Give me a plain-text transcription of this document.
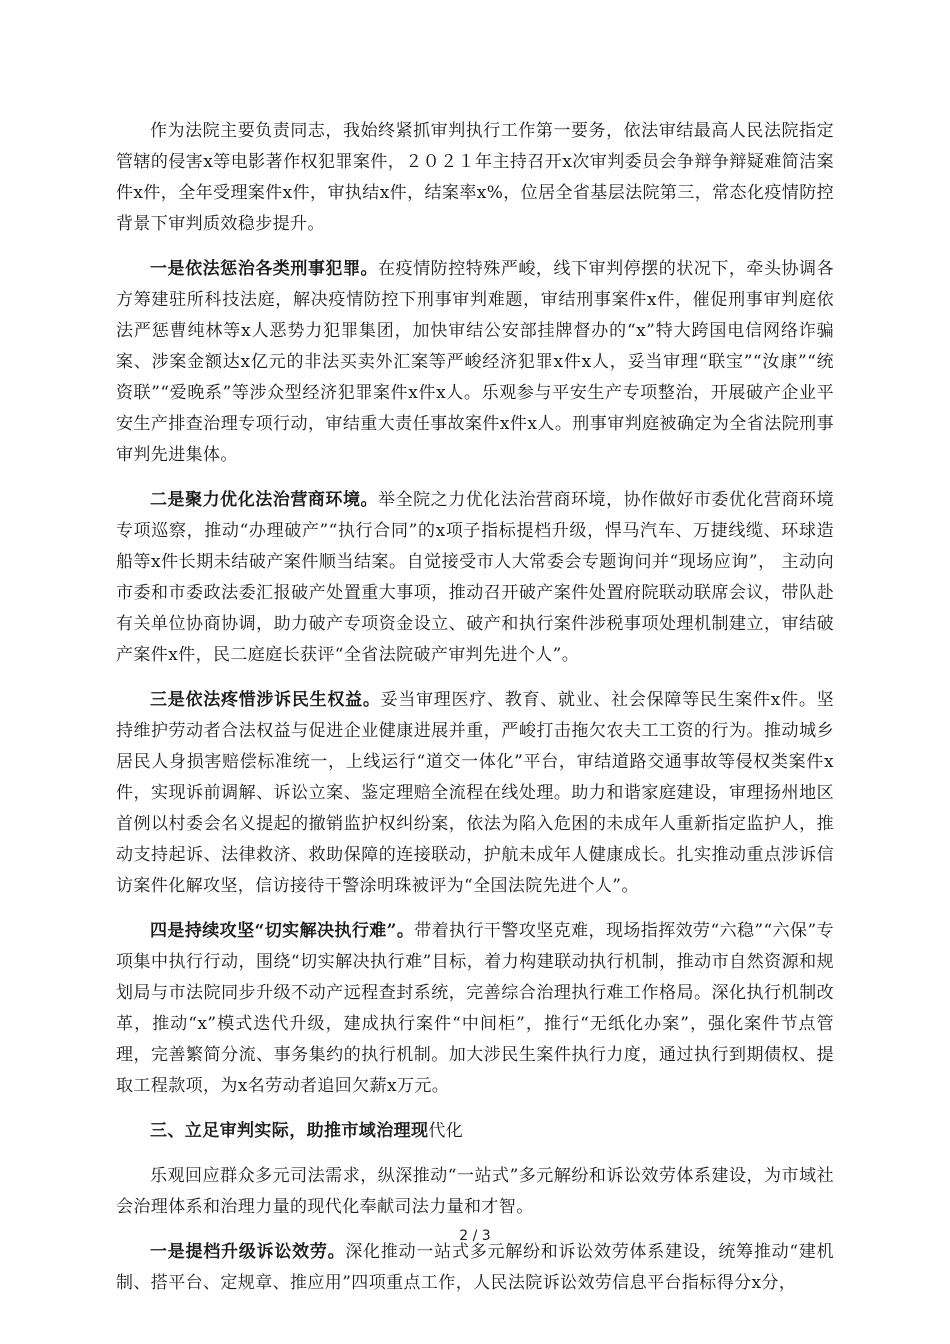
作为法院主要负责同志，我始终紧抓审判执行工作第一要务，依法审结最高人民法院指定管辖的侵害x等电影著作权犯罪案件，２０２１年主持召开x次审判委员会争辩争辩疑难简洁案件x件，全年受理案件x件，审执结x件，结案率x%，位居全省基层法院第三，常态化疫情防控背景下审判质效稳步提升。

一是依法惩治各类刑事犯罪。在疫情防控特殊严峻，线下审判停摆的状况下，牵头协调各方筹建驻所科技法庭，解决疫情防控下刑事审判难题，审结刑事案件x件，催促刑事审判庭依法严惩曹纯林等x人恶势力犯罪集团，加快审结公安部挂牌督办的“x”特大跨国电信网络诈骗案、涉案金额达x亿元的非法买卖外汇案等严峻经济犯罪x件x人，妥当审理“联宝”“汝康”“统资联”“爱晚系”等涉众型经济犯罪案件x件x人。乐观参与平安生产专项整治，开展破产企业平安生产排查治理专项行动，审结重大责任事故案件x件x人。刑事审判庭被确定为全省法院刑事审判先进集体。

二是聚力优化法治营商环境。举全院之力优化法治营商环境，协作做好市委优化营商环境专项巡察，推动“办理破产”“执行合同”的x项子指标提档升级，悍马汽车、万捷线缆、环球造船等x件长期未结破产案件顺当结案。自觉接受市人大常委会专题询问并“现场应询”， 主动向市委和市委政法委汇报破产处置重大事项，推动召开破产案件处置府院联动联席会议，带队赴有关单位协商协调，助力破产专项资金设立、破产和执行案件涉税事项处理机制建立，审结破产案件x件，民二庭庭长获评“全省法院破产审判先进个人”。

三是依法疼惜涉诉民生权益。妥当审理医疗、教育、就业、社会保障等民生案件x件。坚持维护劳动者合法权益与促进企业健康进展并重，严峻打击拖欠农夫工工资的行为。推动城乡居民人身损害赔偿标准统一，上线运行“道交一体化”平台，审结道路交通事故等侵权类案件x件，实现诉前调解、诉讼立案、鉴定理赔全流程在线处理。助力和谐家庭建设，审理扬州地区首例以村委会名义提起的撤销监护权纠纷案，依法为陷入危困的未成年人重新指定监护人，推动支持起诉、法律救济、救助保障的连接联动，护航未成年人健康成长。扎实推动重点涉诉信访案件化解攻坚，信访接待干警涂明珠被评为“全国法院先进个人”。

四是持续攻坚“切实解决执行难”。带着执行干警攻坚克难，现场指挥效劳“六稳”“六保”专项集中执行行动，围绕“切实解决执行难”目标，着力构建联动执行机制，推动市自然资源和规划局与市法院同步升级不动产远程查封系统，完善综合治理执行难工作格局。深化执行机制改革，推动“x”模式迭代升级，建成执行案件“中间柜”，推行“无纸化办案”，强化案件节点管理，完善繁简分流、事务集约的执行机制。加大涉民生案件执行力度，通过执行到期债权、提取工程款项，为x名劳动者追回欠薪x万元。

三、立足审判实际，助推市域治理现代化

乐观回应群众多元司法需求，纵深推动“一站式”多元解纷和诉讼效劳体系建设，为市域社会治理体系和治理力量的现代化奉献司法力量和才智。

一是提档升级诉讼效劳。深化推动一站式多元解纷和诉讼效劳体系建设，统筹推动“建机制、搭平台、定规章、推应用”四项重点工作，人民法院诉讼效劳信息平台指标得分x分，

2 / 3
